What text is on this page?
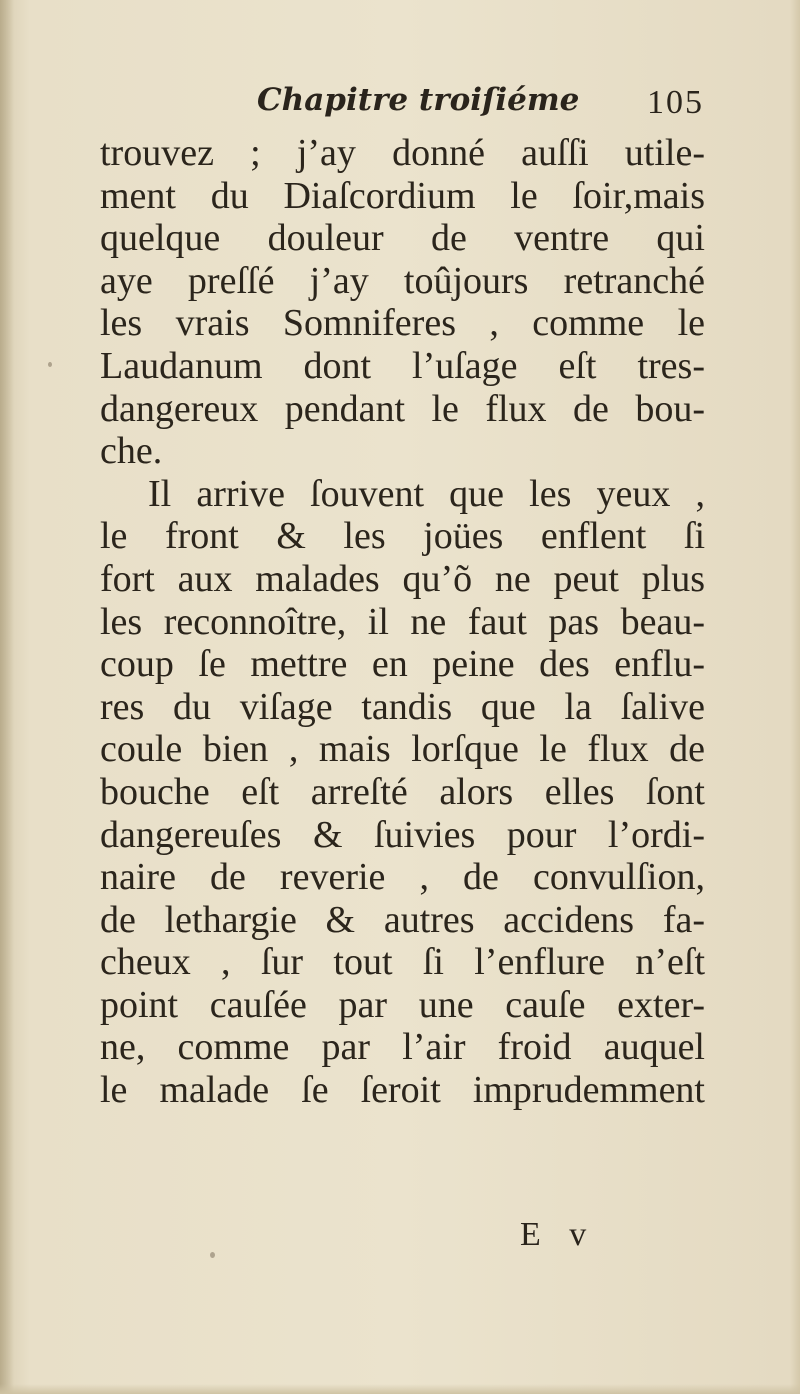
Chapitre troiſiéme 105
trouvez ; j’ay donné auſſi utile-
ment du Diaſcordium le ſoir,mais
quelque douleur de ventre qui
aye preſſé j’ay toûjours retranché
les vrais Somniferes , comme le
Laudanum dont l’uſage eſt tres-
dangereux pendant le flux de bou-
che.
Il arrive ſouvent que les yeux ,
le front & les joües enflent ſi
fort aux malades qu’õ ne peut plus
les reconnoître, il ne faut pas beau-
coup ſe mettre en peine des enflu-
res du viſage tandis que la ſalive
coule bien , mais lorſque le flux de
bouche eſt arreſté alors elles ſont
dangereuſes & ſuivies pour l’ordi-
naire de reverie , de convulſion,
de lethargie & autres accidens fa-
cheux , ſur tout ſi l’enflure n’eſt
point cauſée par une cauſe exter-
ne, comme par l’air froid auquel
le malade ſe ſeroit imprudemment
E v
